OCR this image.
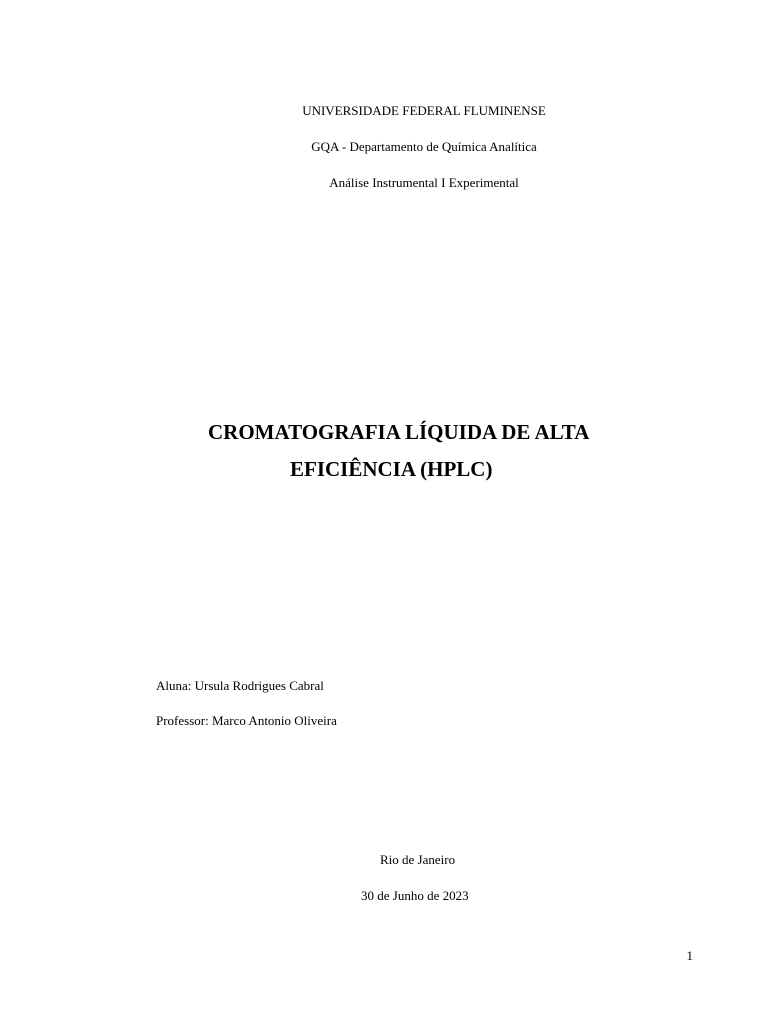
UNIVERSIDADE FEDERAL FLUMINENSE
GQA - Departamento de Química Analítica
Análise Instrumental I Experimental
CROMATOGRAFIA LÍQUIDA DE ALTA
EFICIÊNCIA (HPLC)
Aluna: Ursula Rodrigues Cabral
Professor: Marco Antonio Oliveira
Rio de Janeiro
30 de Junho de 2023
1
